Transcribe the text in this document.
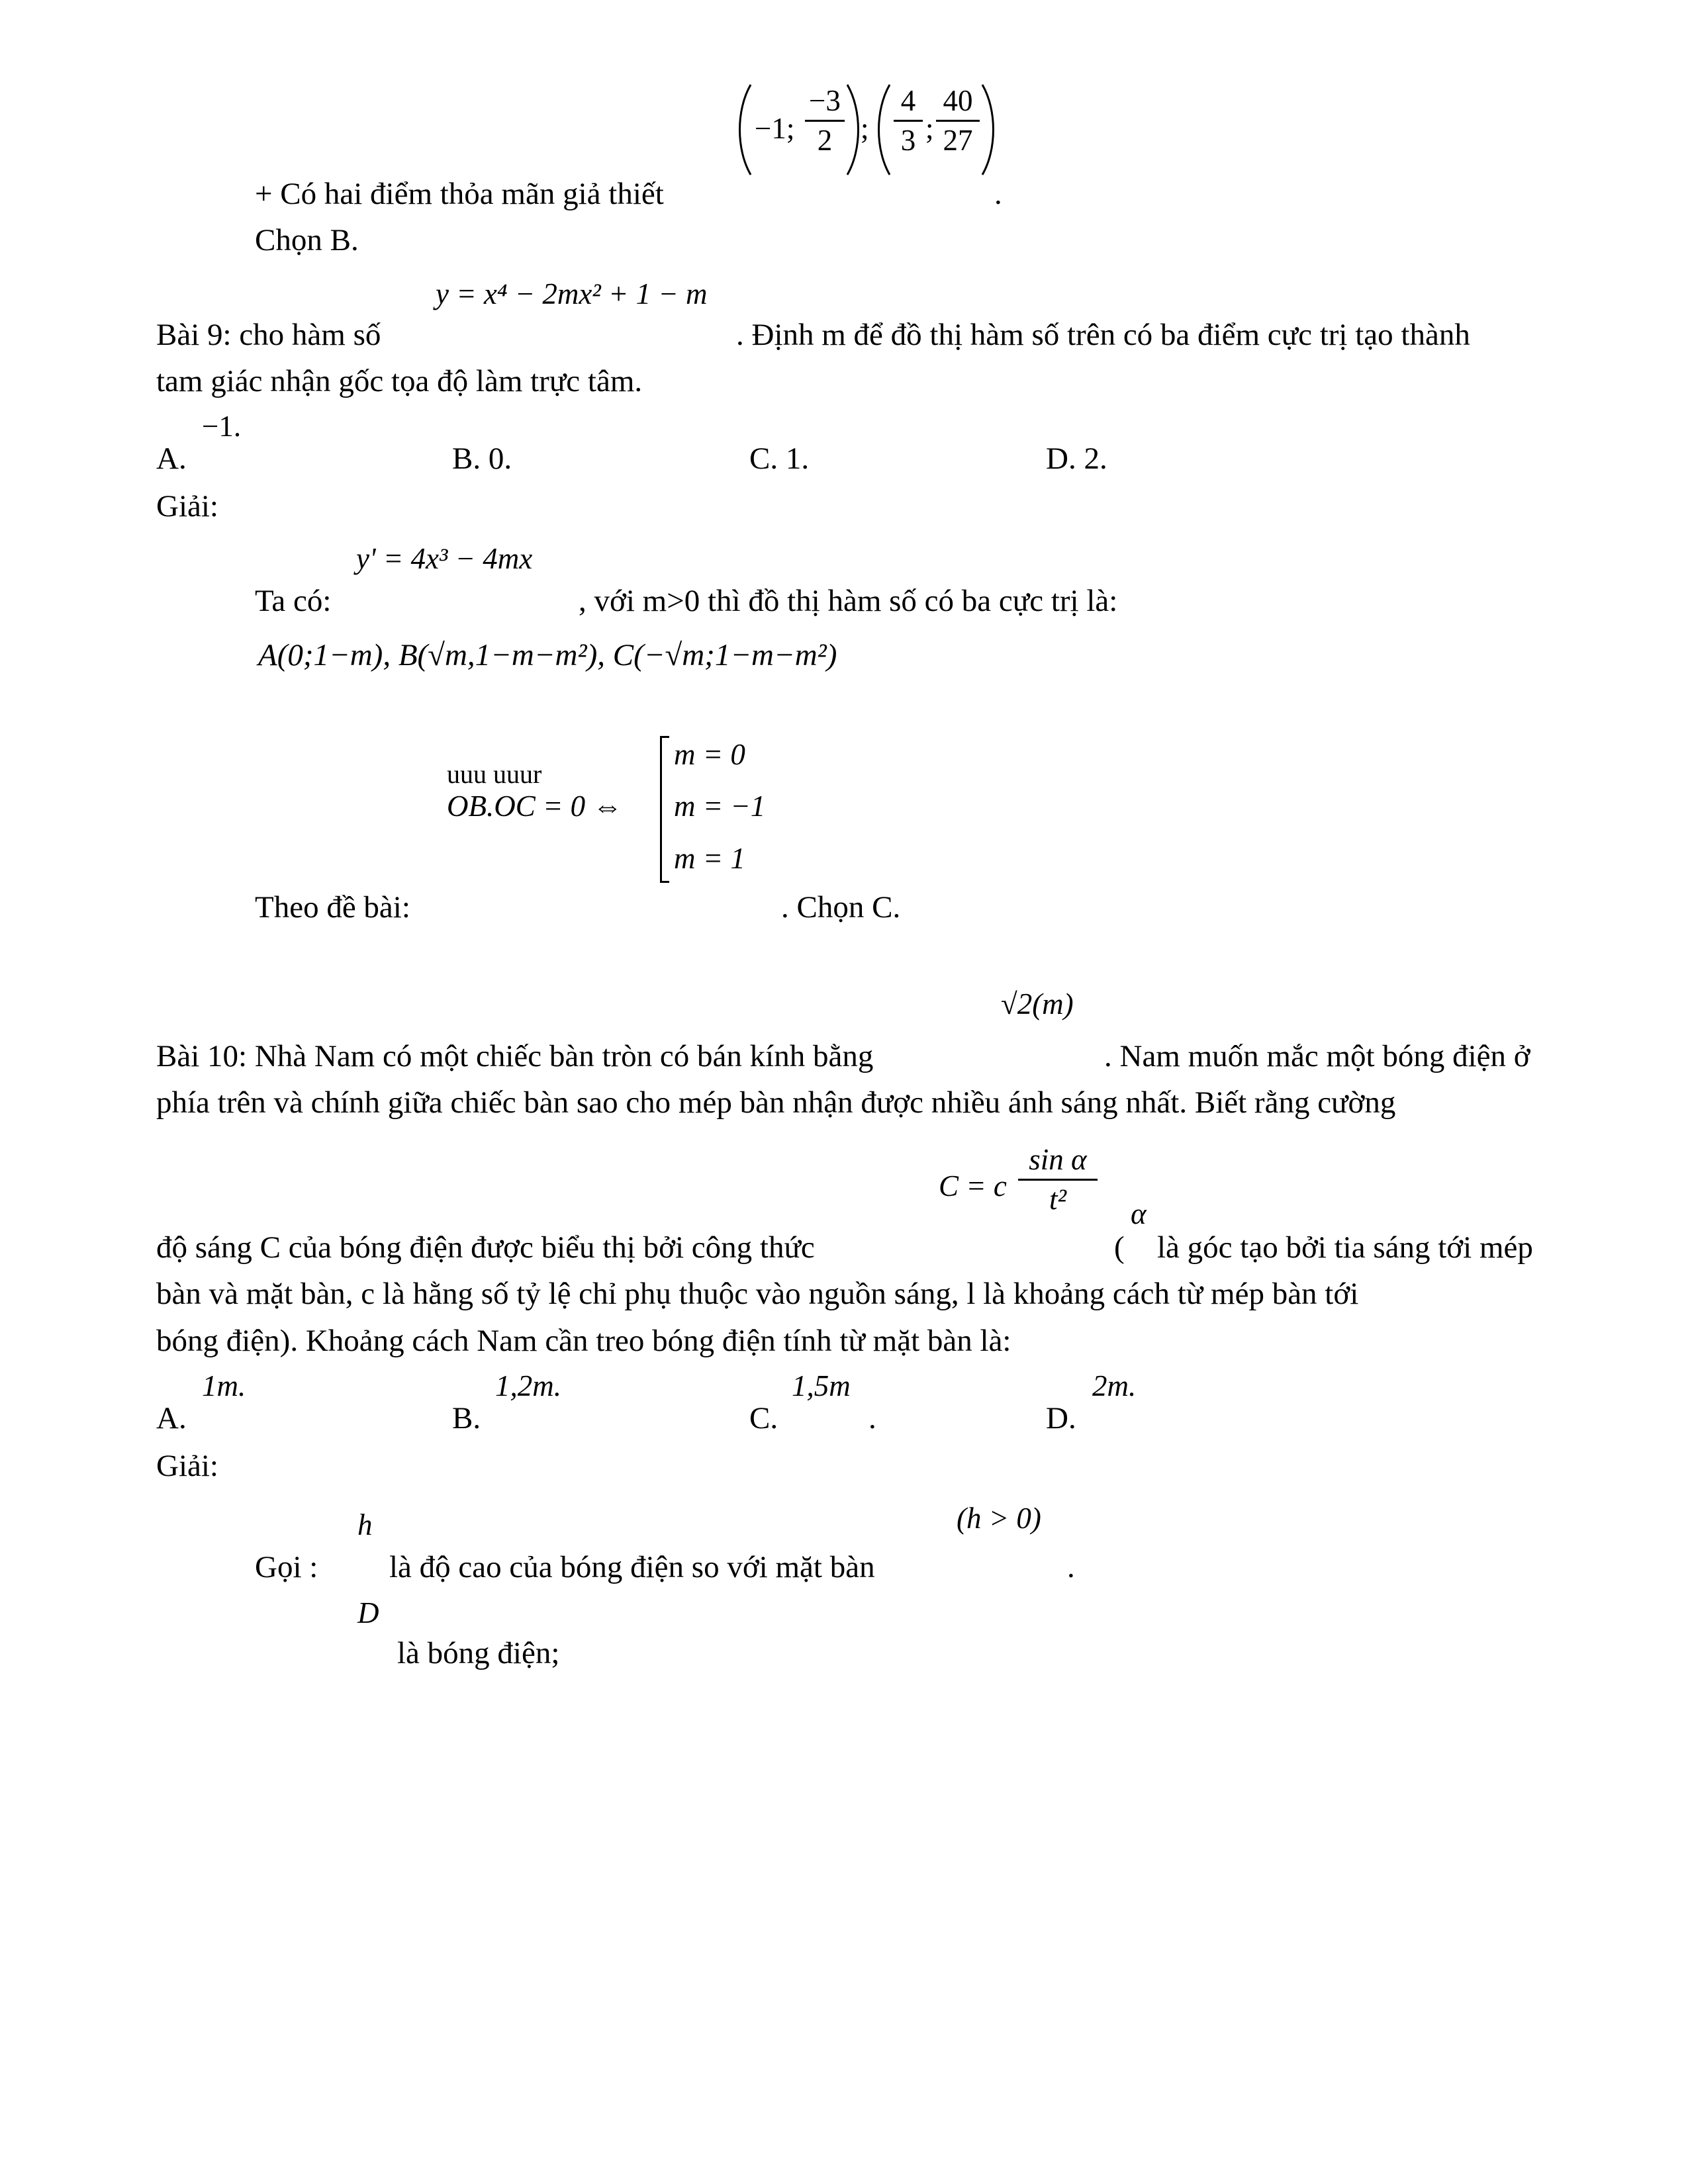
−1; $\frac{-3}{2}$ ; $\frac{4}{3}$ ; $\frac{40}{27}$
+ Có hai điểm thỏa mãn giả thiết	.
Chọn B.
y = x⁴ − 2mx² + 1 − m
Bài 9: cho hàm số	. Định m để đồ thị hàm số trên có ba điểm cực trị tạo thành
tam giác nhận gốc tọa độ làm trực tâm.
−1.
A.	B. 0.	C. 1.	D. 2.
Giải:
y' = 4x³ − 4mx
Ta có:	, với m>0 thì đồ thị hàm số có ba cực trị là:
A(0;1−m), B(√m,1−m−m²), C(−√m;1−m−m²)
uuu uuur
OB.OC = 0 ⇔
m = 0
m = −1
m = 1
Theo đề bài:	. Chọn C.
√2(m)
Bài 10: Nhà Nam có một chiếc bàn tròn có bán kính bằng	. Nam muốn mắc một bóng điện ở
phía trên và chính giữa chiếc bàn sao cho mép bàn nhận được nhiều ánh sáng nhất. Biết rằng cường
C = c $\frac{\text{sin α}}{\text{t²}}$ α
độ sáng C của bóng điện được biểu thị bởi công thức	( là góc tạo bởi tia sáng tới mép
bàn và mặt bàn, c là hằng số tỷ lệ chỉ phụ thuộc vào nguồn sáng, l là khoảng cách từ mép bàn tới
bóng điện). Khoảng cách Nam cần treo bóng điện tính từ mặt bàn là:
1m.	1,2m.	1,5m	2m.
A.	B.	C.	.	D.
Giải:
h	(h > 0)
Gọi : là độ cao của bóng điện so với mặt bàn	.
D
là bóng điện;
